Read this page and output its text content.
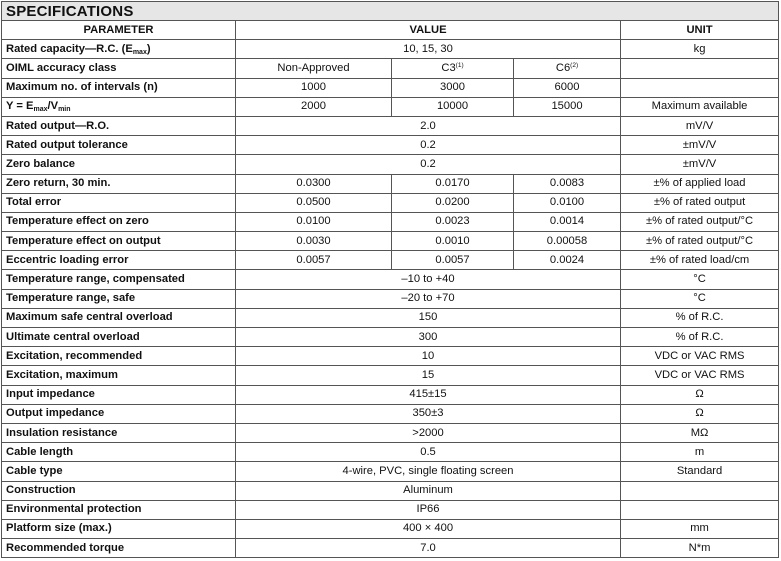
SPECIFICATIONS				
PARAMETER	VALUE			UNIT
Rated capacity—R.C. $(E_{max})$	10, 15, 30			kg
OIML accuracy class	Non-Approved	C3$^{(1)}$	C6$^{(2)}$	
Maximum no. of intervals (n)	1000	3000	6000	
$Y = E_{max}/V_{min}$	2000	10000	15000	Maximum available
Rated output—R.O.	2.0			mV/V
Rated output tolerance	0.2			±mV/V
Zero balance	0.2			±mV/V
Zero return, 30 min.	0.0300	0.0170	0.0083	±% of applied load
Total error	0.0500	0.0200	0.0100	±% of rated output
Temperature effect on zero	0.0100	0.0023	0.0014	±% of rated output/°C
Temperature effect on output	0.0030	0.0010	0.00058	±% of rated output/°C
Eccentric loading error	0.0057	0.0057	0.0024	±% of rated load/cm
Temperature range, compensated	–10 to +40			°C
Temperature range, safe	–20 to +70			°C
Maximum safe central overload	150			% of R.C.
Ultimate central overload	300			% of R.C.
Excitation, recommended	10			VDC or VAC RMS
Excitation, maximum	15			VDC or VAC RMS
Input impedance	415±15			Ω
Output impedance	350±3			Ω
Insulation resistance	>2000			MΩ
Cable length	0.5			m
Cable type	4-wire, PVC, single floating screen			Standard
Construction	Aluminum			
Environmental protection	IP66			
Platform size (max.)	400 × 400			mm
Recommended torque	7.0			N*m
